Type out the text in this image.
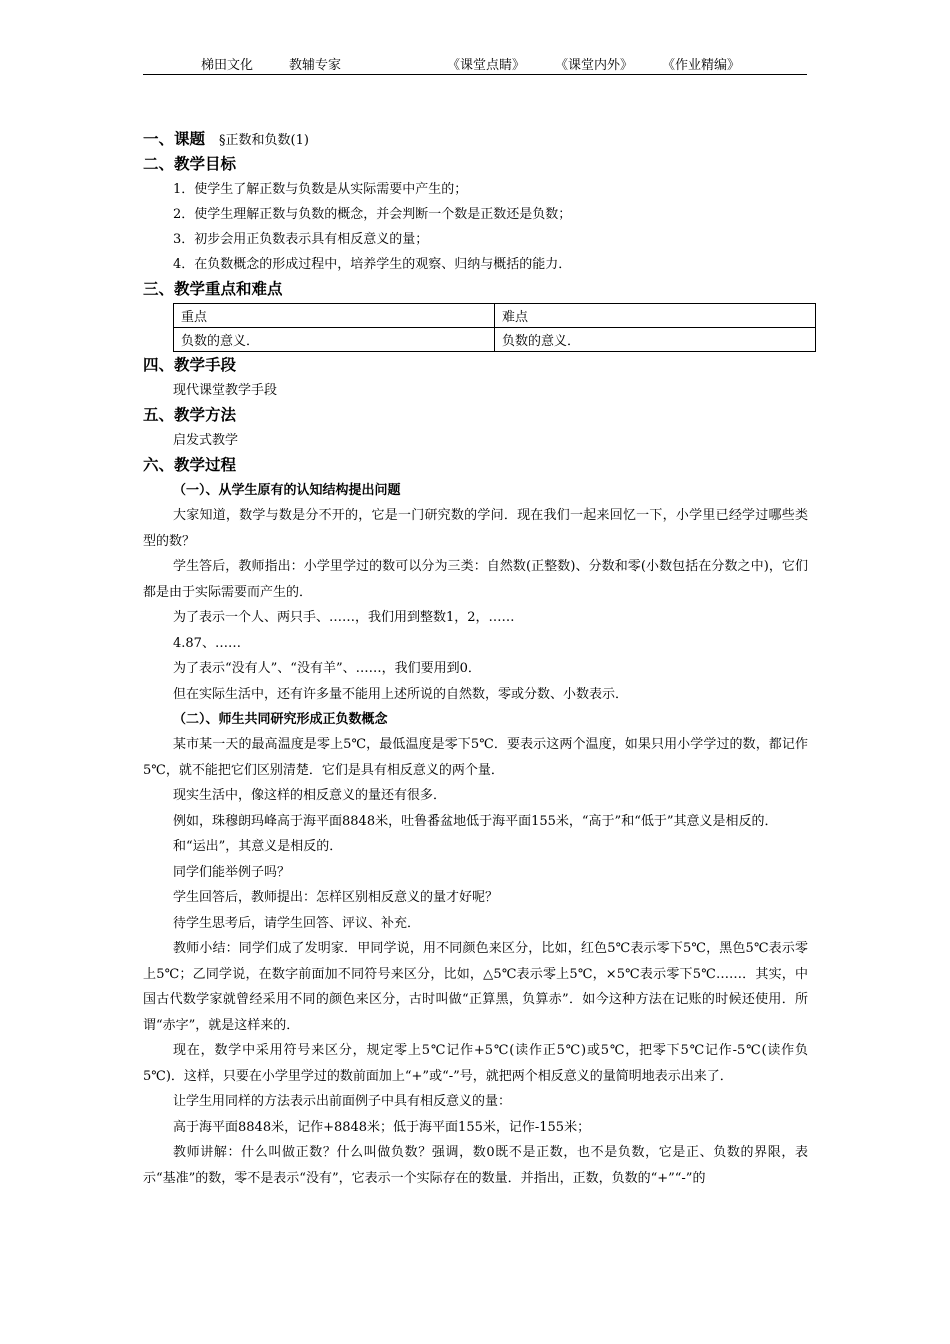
梯田文化	教辅专家	《课堂点睛》 《课堂内外》 《作业精编》
一、课题 §正数和负数(1)
二、教学目标
1．使学生了解正数与负数是从实际需要中产生的；
2．使学生理解正数与负数的概念，并会判断一个数是正数还是负数；
3．初步会用正负数表示具有相反意义的量；
4．在负数概念的形成过程中，培养学生的观察、归纳与概括的能力．
三、教学重点和难点
重点	难点
负数的意义．	负数的意义．
四、教学手段
现代课堂教学手段
五、教学方法
启发式教学
六、教学过程
（一）、从学生原有的认知结构提出问题
大家知道，数学与数是分不开的，它是一门研究数的学问．现在我们一起来回忆一下，小学里已经学过哪些类型的数？
学生答后，教师指出：小学里学过的数可以分为三类：自然数(正整数)、分数和零(小数包括在分数之中)，它们都是由于实际需要而产生的．
为了表示一个人、两只手、……，我们用到整数1，2，……
4.87、……
为了表示“没有人”、“没有羊”、……，我们要用到0．
但在实际生活中，还有许多量不能用上述所说的自然数，零或分数、小数表示．
（二）、师生共同研究形成正负数概念
某市某一天的最高温度是零上5℃，最低温度是零下5℃．要表示这两个温度，如果只用小学学过的数，都记作5℃，就不能把它们区别清楚．它们是具有相反意义的两个量．
现实生活中，像这样的相反意义的量还有很多．
例如，珠穆朗玛峰高于海平面8848米，吐鲁番盆地低于海平面155米，“高于”和“低于”其意义是相反的．
和“运出”，其意义是相反的．
同学们能举例子吗？
学生回答后，教师提出：怎样区别相反意义的量才好呢？
待学生思考后，请学生回答、评议、补充．
教师小结：同学们成了发明家．甲同学说，用不同颜色来区分，比如，红色5℃表示零下5℃，黑色5℃表示零上5℃；乙同学说，在数字前面加不同符号来区分，比如，△5℃表示零上5℃，×5℃表示零下5℃……．其实，中国古代数学家就曾经采用不同的颜色来区分，古时叫做“正算黑，负算赤”．如今这种方法在记账的时候还使用．所谓“赤字”，就是这样来的．
现在，数学中采用符号来区分，规定零上5℃记作+5℃(读作正5℃)或5℃，把零下5℃记作-5℃(读作负5℃)．这样，只要在小学里学过的数前面加上“+”或“-”号，就把两个相反意义的量简明地表示出来了．
让学生用同样的方法表示出前面例子中具有相反意义的量：
高于海平面8848米，记作+8848米；低于海平面155米，记作-155米；
教师讲解：什么叫做正数？什么叫做负数？强调，数0既不是正数，也不是负数，它是正、负数的界限，表示“基准”的数，零不是表示“没有”，它表示一个实际存在的数量．并指出，正数，负数的“+”“-”的
